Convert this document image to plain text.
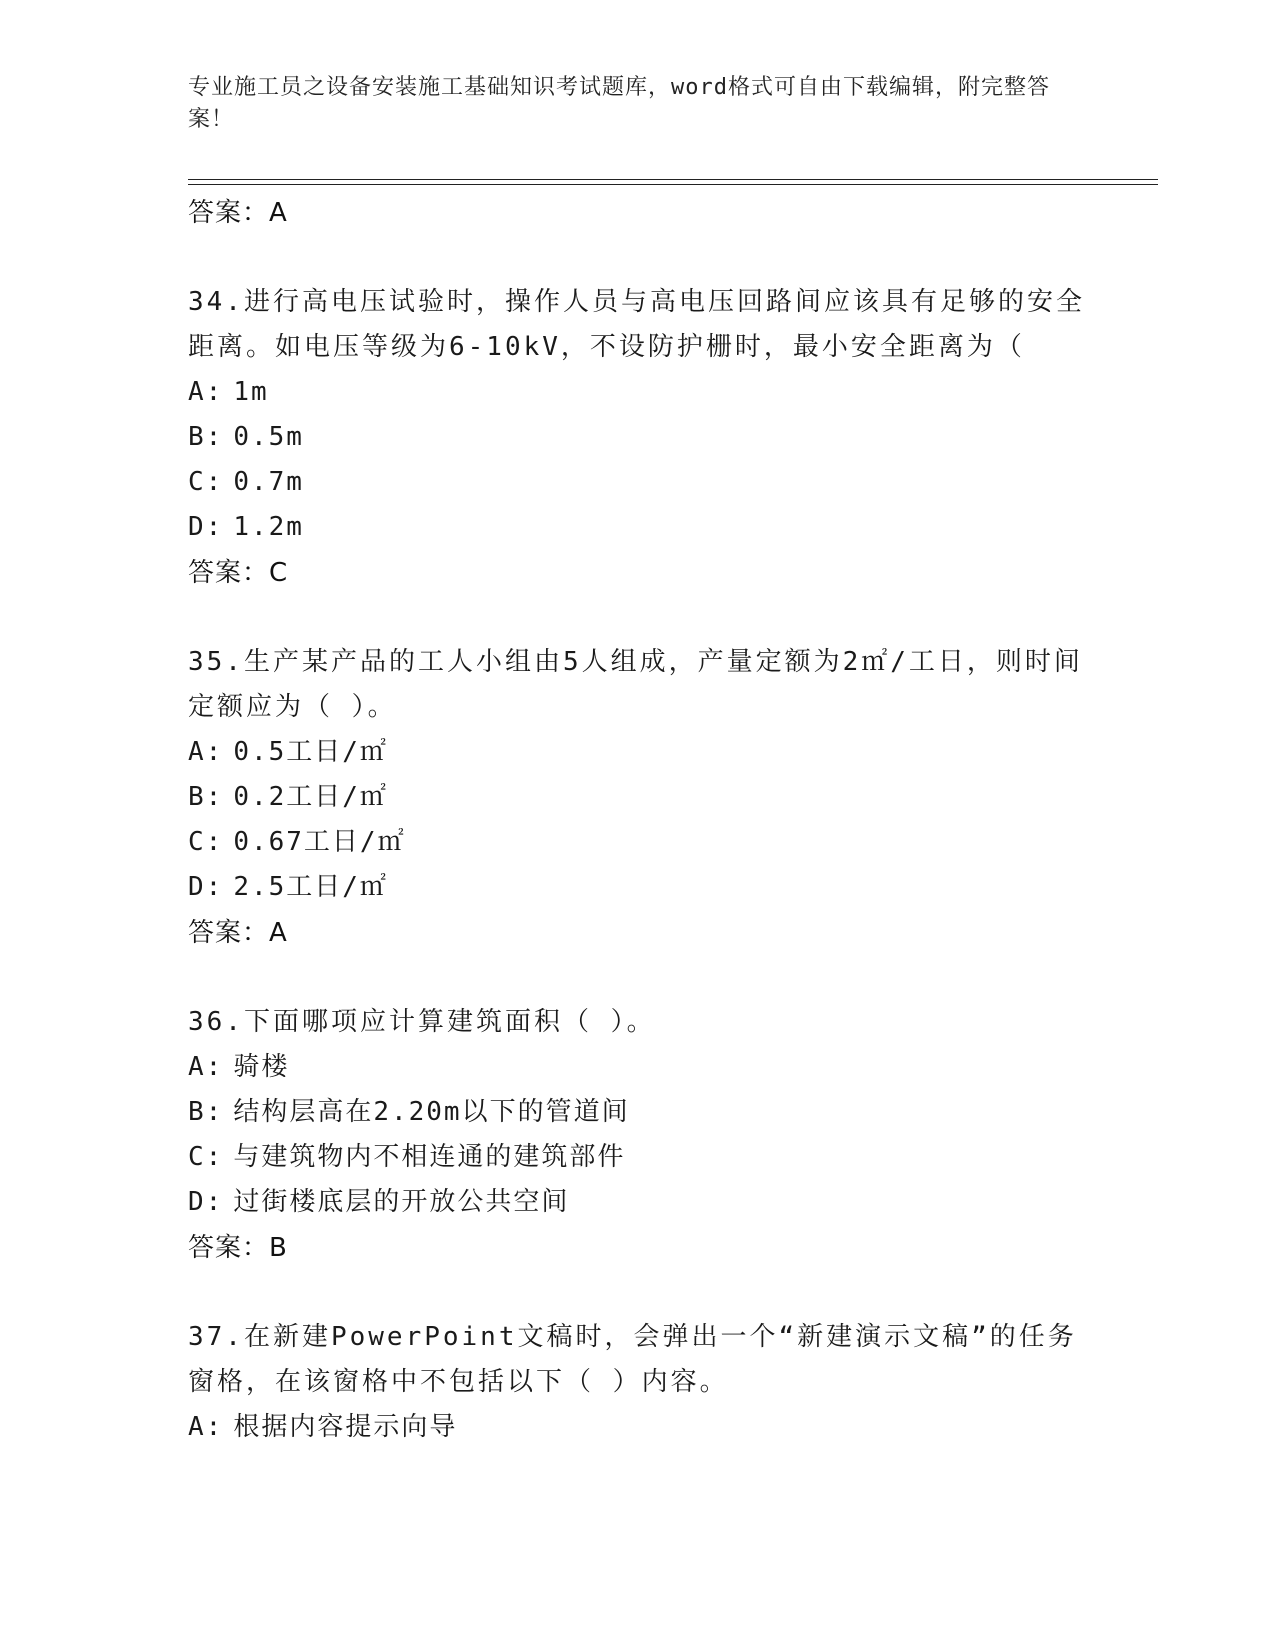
专业施工员之设备安装施工基础知识考试题库，word格式可自由下载编辑，附完整答案！
答案：A
34.进行高电压试验时，操作人员与高电压回路间应该具有足够的安全距离。如电压等级为6-10kV，不设防护栅时，最小安全距离为（
A: 1m
B: 0.5m
C: 0.7m
D: 1.2m
答案：C
35.生产某产品的工人小组由5人组成，产量定额为2㎡/工日，则时间定额应为（ ）。
A: 0.5工日/㎡
B: 0.2工日/㎡
C: 0.67工日/㎡
D: 2.5工日/㎡
答案：A
36.下面哪项应计算建筑面积（ ）。
A: 骑楼
B: 结构层高在2.20m以下的管道间
C: 与建筑物内不相连通的建筑部件
D: 过街楼底层的开放公共空间
答案：B
37.在新建PowerPoint文稿时，会弹出一个“新建演示文稿”的任务窗格，在该窗格中不包括以下（ ）内容。
A: 根据内容提示向导
